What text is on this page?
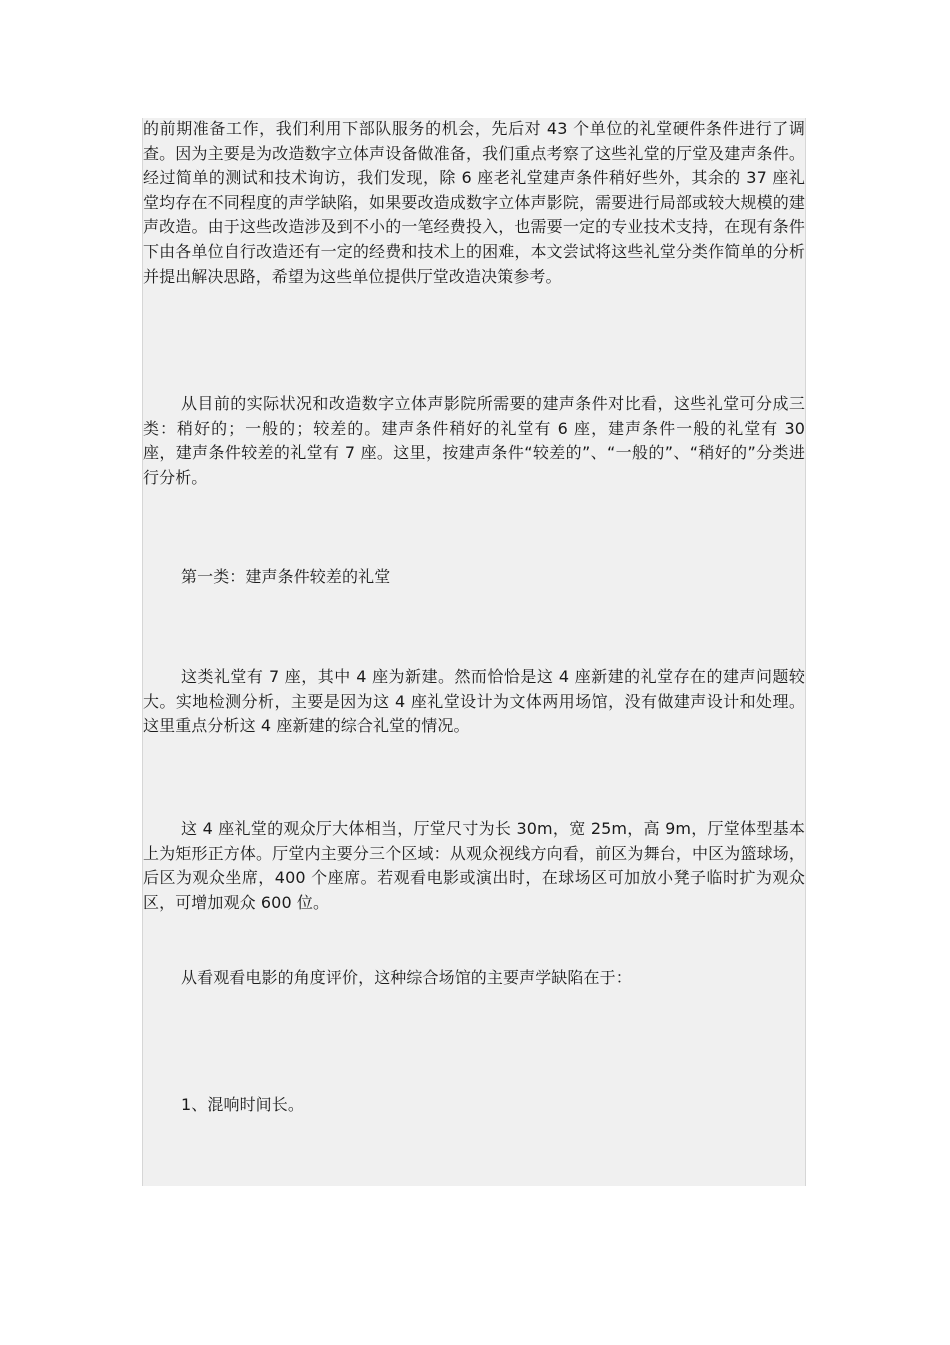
的前期准备工作，我们利用下部队服务的机会，先后对 43 个单位的礼堂硬件条件进行了调查。因为主要是为改造数字立体声设备做准备，我们重点考察了这些礼堂的厅堂及建声条件。经过简单的测试和技术询访，我们发现，除 6 座老礼堂建声条件稍好些外，其余的 37 座礼堂均存在不同程度的声学缺陷，如果要改造成数字立体声影院，需要进行局部或较大规模的建声改造。由于这些改造涉及到不小的一笔经费投入，也需要一定的专业技术支持，在现有条件下由各单位自行改造还有一定的经费和技术上的困难，本文尝试将这些礼堂分类作简单的分析并提出解决思路，希望为这些单位提供厅堂改造决策参考。

从目前的实际状况和改造数字立体声影院所需要的建声条件对比看，这些礼堂可分成三类：稍好的；一般的；较差的。建声条件稍好的礼堂有 6 座，建声条件一般的礼堂有 30 座，建声条件较差的礼堂有 7 座。这里，按建声条件“较差的”、“一般的”、“稍好的”分类进行分析。

第一类：建声条件较差的礼堂

这类礼堂有 7 座，其中 4 座为新建。然而恰恰是这 4 座新建的礼堂存在的建声问题较大。实地检测分析，主要是因为这 4 座礼堂设计为文体两用场馆，没有做建声设计和处理。这里重点分析这 4 座新建的综合礼堂的情况。

这 4 座礼堂的观众厅大体相当，厅堂尺寸为长 30m，宽 25m，高 9m，厅堂体型基本上为矩形正方体。厅堂内主要分三个区域：从观众视线方向看，前区为舞台，中区为篮球场，后区为观众坐席，400 个座席。若观看电影或演出时，在球场区可加放小凳子临时扩为观众区，可增加观众 600 位。

从看观看电影的角度评价，这种综合场馆的主要声学缺陷在于：

1、混响时间长。
